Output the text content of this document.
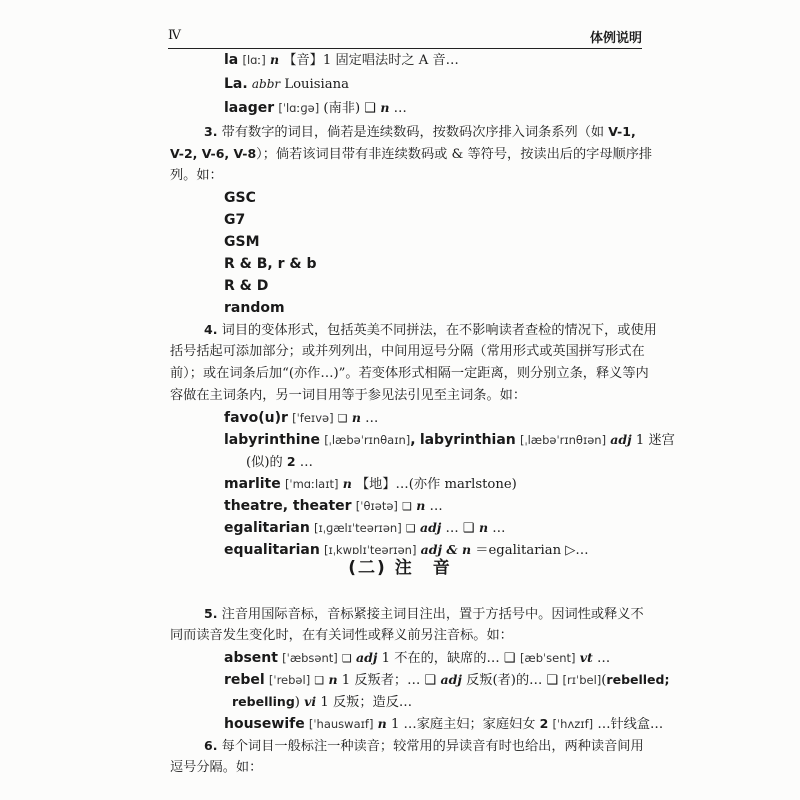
Ⅳ	体例说明
la [lɑː] n 【音】1 固定唱法时之 A 音…
La. abbr Louisiana
laager [ˈlɑːɡə] (南非) ❑ n …
3. 带有数字的词目，倘若是连续数码，按数码次序排入词条系列（如 V-1,
V-2, V-6, V-8）；倘若该词目带有非连续数码或 & 等符号，按读出后的字母顺序排
列。如：
GSC
G7
GSM
R & B, r & b
R & D
random
4. 词目的变体形式，包括英美不同拼法，在不影响读者查检的情况下，或使用
括号括起可添加部分；或并列列出，中间用逗号分隔（常用形式或英国拼写形式在
前）；或在词条后加“(亦作…)”。若变体形式相隔一定距离，则分别立条，释义等内
容做在主词条内，另一词目用等于参见法引见至主词条。如：
favo(u)r [ˈfeɪvə] ❑ n …
labyrinthine [ˌlæbəˈrɪnθaɪn], labyrinthian [ˌlæbəˈrɪnθɪən] adj 1 迷宫
(似)的 2 …
marlite [ˈmɑːlaɪt] n 【地】…(亦作 marlstone)
theatre, theater [ˈθɪətə] ❑ n …
egalitarian [ɪˌɡælɪˈteərɪən] ❑ adj … ❑ n …
equalitarian [ɪˌkwɒlɪˈteərɪən] adj & n ＝egalitarian ▷…
(二) 注　音
5. 注音用国际音标，音标紧接主词目注出，置于方括号中。因词性或释义不
同而读音发生变化时，在有关词性或释义前另注音标。如：
absent [ˈæbsənt] ❑ adj 1 不在的，缺席的… ❑ [æbˈsent] vt …
rebel [ˈrebəl] ❑ n 1 反叛者；… ❑ adj 反叛(者)的… ❑ [rɪˈbel](rebelled;
rebelling) vi 1 反叛；造反…
housewife [ˈhauswaɪf] n 1 …家庭主妇；家庭妇女 2 [ˈhʌzɪf] …针线盒…
6. 每个词目一般标注一种读音；较常用的异读音有时也给出，两种读音间用
逗号分隔。如：
